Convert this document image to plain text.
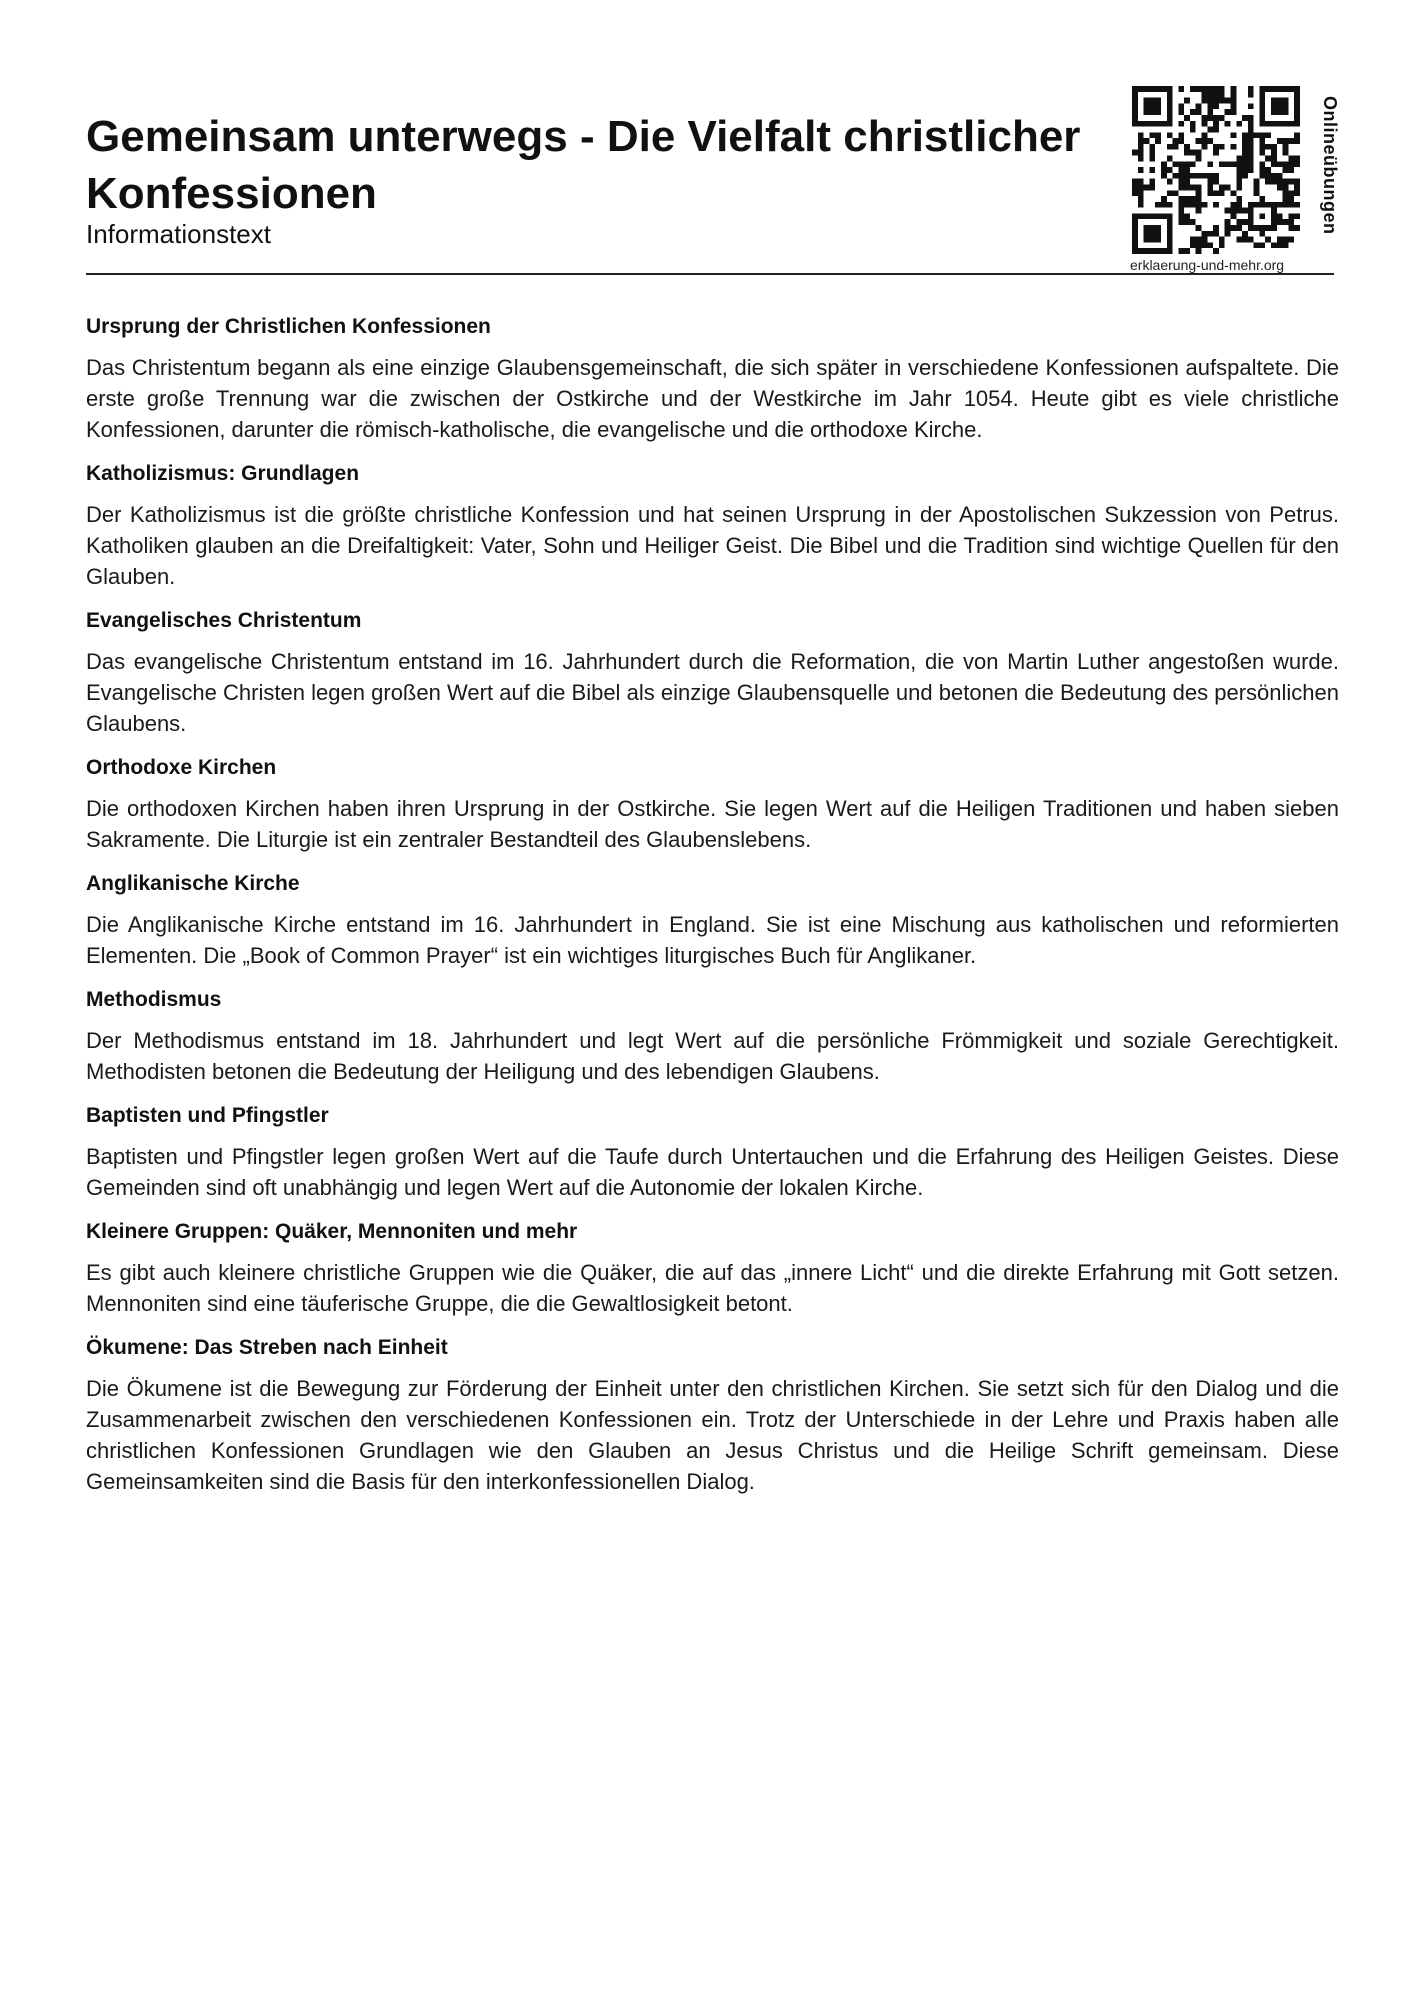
Gemeinsam unterwegs - Die Vielfalt christlicher Konfessionen
Informationstext	Onlineübungen
erklaerung-und-mehr.org
Ursprung der Christlichen Konfessionen

Das Christentum begann als eine einzige Glaubensgemeinschaft, die sich später in verschiedene Konfessionen aufspaltete. Die erste große Trennung war die zwischen der Ostkirche und der Westkirche im Jahr 1054. Heute gibt es viele christliche Konfessionen, darunter die römisch-katholische, die evangelische und die orthodoxe Kirche.

Katholizismus: Grundlagen

Der Katholizismus ist die größte christliche Konfession und hat seinen Ursprung in der Apostolischen Sukzession von Petrus. Katholiken glauben an die Dreifaltigkeit: Vater, Sohn und Heiliger Geist. Die Bibel und die Tradition sind wichtige Quellen für den Glauben.

Evangelisches Christentum

Das evangelische Christentum entstand im 16. Jahrhundert durch die Reformation, die von Martin Luther angestoßen wurde. Evangelische Christen legen großen Wert auf die Bibel als einzige Glaubensquelle und betonen die Bedeutung des persönlichen Glaubens.

Orthodoxe Kirchen

Die orthodoxen Kirchen haben ihren Ursprung in der Ostkirche. Sie legen Wert auf die Heiligen Traditionen und haben sieben Sakramente. Die Liturgie ist ein zentraler Bestandteil des Glaubenslebens.

Anglikanische Kirche

Die Anglikanische Kirche entstand im 16. Jahrhundert in England. Sie ist eine Mischung aus katholischen und reformierten Elementen. Die „Book of Common Prayer“ ist ein wichtiges liturgisches Buch für Anglikaner.

Methodismus

Der Methodismus entstand im 18. Jahrhundert und legt Wert auf die persönliche Frömmigkeit und soziale Gerechtigkeit. Methodisten betonen die Bedeutung der Heiligung und des lebendigen Glaubens.

Baptisten und Pfingstler

Baptisten und Pfingstler legen großen Wert auf die Taufe durch Untertauchen und die Erfahrung des Heiligen Geistes. Diese Gemeinden sind oft unabhängig und legen Wert auf die Autonomie der lokalen Kirche.

Kleinere Gruppen: Quäker, Mennoniten und mehr

Es gibt auch kleinere christliche Gruppen wie die Quäker, die auf das „innere Licht“ und die direkte Erfahrung mit Gott setzen. Mennoniten sind eine täuferische Gruppe, die die Gewaltlosigkeit betont.

Ökumene: Das Streben nach Einheit

Die Ökumene ist die Bewegung zur Förderung der Einheit unter den christlichen Kirchen. Sie setzt sich für den Dialog und die Zusammenarbeit zwischen den verschiedenen Konfessionen ein. Trotz der Unterschiede in der Lehre und Praxis haben alle christlichen Konfessionen Grundlagen wie den Glauben an Jesus Christus und die Heilige Schrift gemeinsam. Diese Gemeinsamkeiten sind die Basis für den interkonfessionellen Dialog.
